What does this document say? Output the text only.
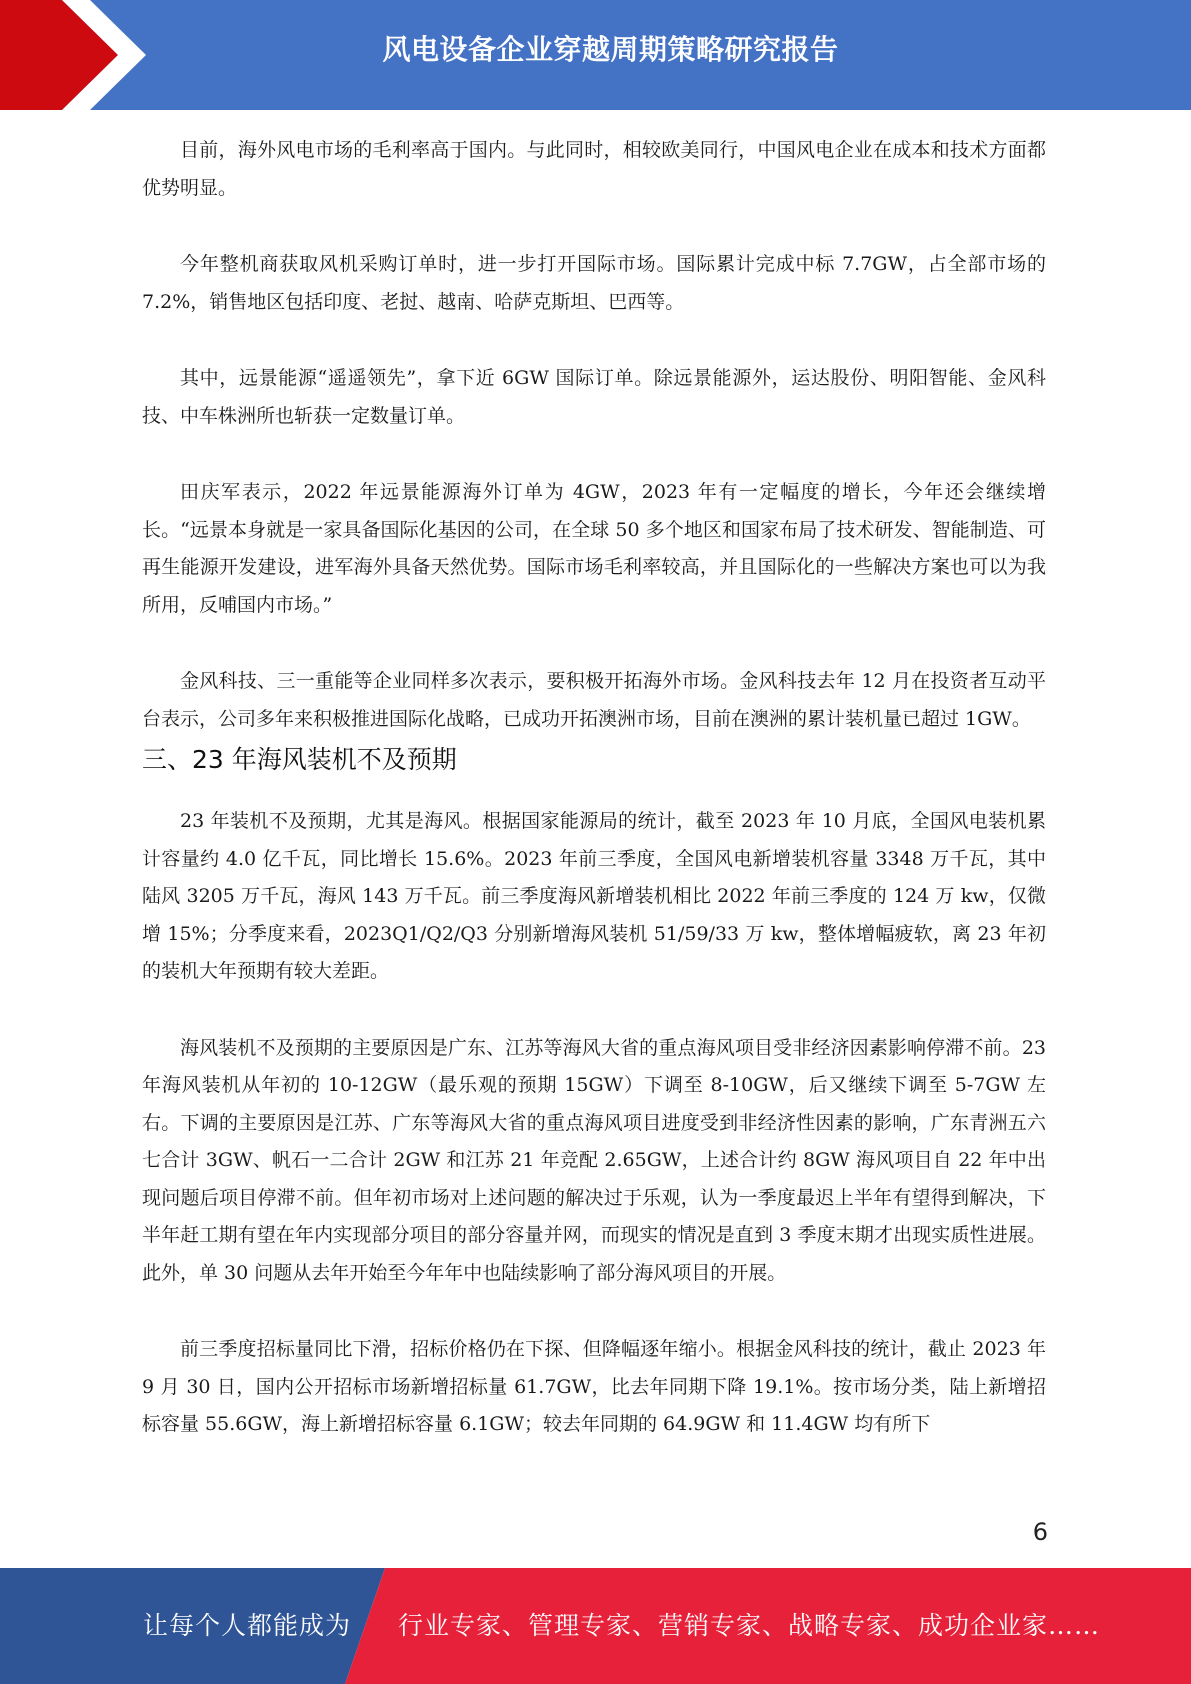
风电设备企业穿越周期策略研究报告

目前，海外风电市场的毛利率高于国内。与此同时，相较欧美同行，中国风电企业在成本和技术方面都优势明显。

今年整机商获取风机采购订单时，进一步打开国际市场。国际累计完成中标 7.7GW，占全部市场的 7.2%，销售地区包括印度、老挝、越南、哈萨克斯坦、巴西等。

其中，远景能源“遥遥领先”，拿下近 6GW 国际订单。除远景能源外，运达股份、明阳智能、金风科技、中车株洲所也斩获一定数量订单。

田庆军表示，2022 年远景能源海外订单为 4GW，2023 年有一定幅度的增长，今年还会继续增长。“远景本身就是一家具备国际化基因的公司，在全球 50 多个地区和国家布局了技术研发、智能制造、可再生能源开发建设，进军海外具备天然优势。国际市场毛利率较高，并且国际化的一些解决方案也可以为我所用，反哺国内市场。”

金风科技、三一重能等企业同样多次表示，要积极开拓海外市场。金风科技去年 12 月在投资者互动平台表示，公司多年来积极推进国际化战略，已成功开拓澳洲市场，目前在澳洲的累计装机量已超过 1GW。

三、23 年海风装机不及预期

23 年装机不及预期，尤其是海风。根据国家能源局的统计，截至 2023 年 10 月底，全国风电装机累计容量约 4.0 亿千瓦，同比增长 15.6%。2023 年前三季度，全国风电新增装机容量 3348 万千瓦，其中陆风 3205 万千瓦，海风 143 万千瓦。前三季度海风新增装机相比 2022 年前三季度的 124 万 kw，仅微增 15%；分季度来看，2023Q1/Q2/Q3 分别新增海风装机 51/59/33 万 kw，整体增幅疲软，离 23 年初的装机大年预期有较大差距。

海风装机不及预期的主要原因是广东、江苏等海风大省的重点海风项目受非经济因素影响停滞不前。23 年海风装机从年初的 10-12GW（最乐观的预期 15GW）下调至 8-10GW，后又继续下调至 5-7GW 左右。下调的主要原因是江苏、广东等海风大省的重点海风项目进度受到非经济性因素的影响，广东青洲五六七合计 3GW、帆石一二合计 2GW 和江苏 21 年竞配 2.65GW，上述合计约 8GW 海风项目自 22 年中出现问题后项目停滞不前。但年初市场对上述问题的解决过于乐观，认为一季度最迟上半年有望得到解决，下半年赶工期有望在年内实现部分项目的部分容量并网，而现实的情况是直到 3 季度末期才出现实质性进展。此外，单 30 问题从去年开始至今年年中也陆续影响了部分海风项目的开展。

前三季度招标量同比下滑，招标价格仍在下探、但降幅逐年缩小。根据金风科技的统计，截止 2023 年 9 月 30 日，国内公开招标市场新增招标量 61.7GW，比去年同期下降 19.1%。按市场分类，陆上新增招标容量 55.6GW，海上新增招标容量 6.1GW；较去年同期的 64.9GW 和 11.4GW 均有所下

6
让每个人都能成为 行业专家、管理专家、营销专家、战略专家、成功企业家……
